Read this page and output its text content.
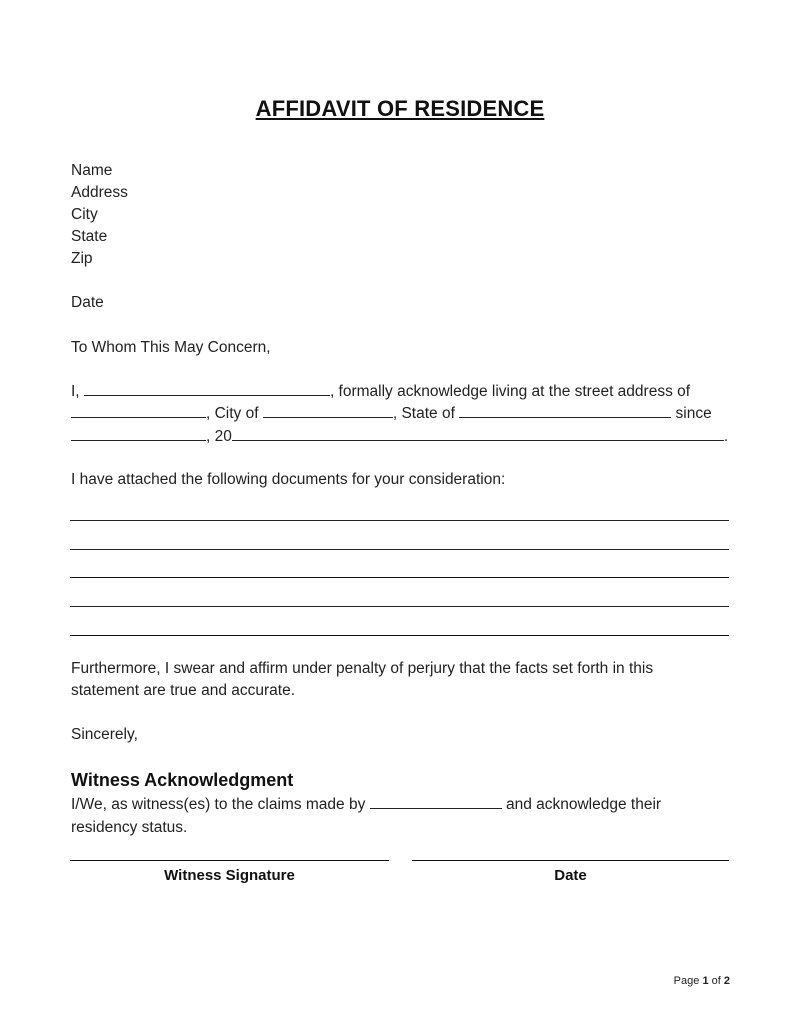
AFFIDAVIT OF RESIDENCE
Name
Address
City
State
Zip
Date
To Whom This May Concern,
I,	, formally acknowledge living at the street address of
, City of	, State of	since
, 20	.
I have attached the following documents for your consideration:
Furthermore, I swear and affirm under penalty of perjury that the facts set forth in this
statement are true and accurate.
Sincerely,
Witness Acknowledgment
I/We, as witness(es) to the claims made by	and acknowledge their
residency status.
Witness Signature	Date
Page 1 of 2
